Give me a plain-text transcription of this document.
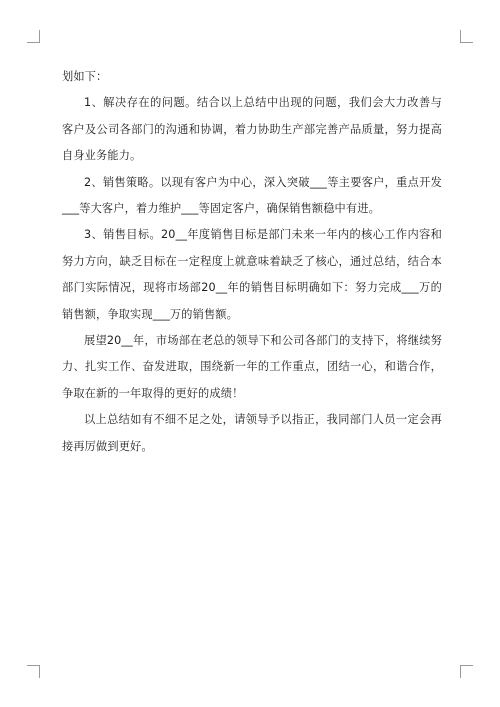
划如下：

1、解决存在的问题。结合以上总结中出现的问题，我们会大力改善与客户及公司各部门的沟通和协调，着力协助生产部完善产品质量，努力提高自身业务能力。

2、销售策略。以现有客户为中心，深入突破___等主要客户，重点开发___等大客户，着力维护___等固定客户，确保销售额稳中有进。

3、销售目标。20__年度销售目标是部门未来一年内的核心工作内容和努力方向，缺乏目标在一定程度上就意味着缺乏了核心，通过总结，结合本部门实际情况，现将市场部20__年的销售目标明确如下：努力完成___万的销售额，争取实现___万的销售额。

展望20__年，市场部在老总的领导下和公司各部门的支持下，将继续努力、扎实工作、奋发进取，围绕新一年的工作重点，团结一心，和谐合作，争取在新的一年取得的更好的成绩！

以上总结如有不细不足之处，请领导予以指正，我同部门人员一定会再接再厉做到更好。
